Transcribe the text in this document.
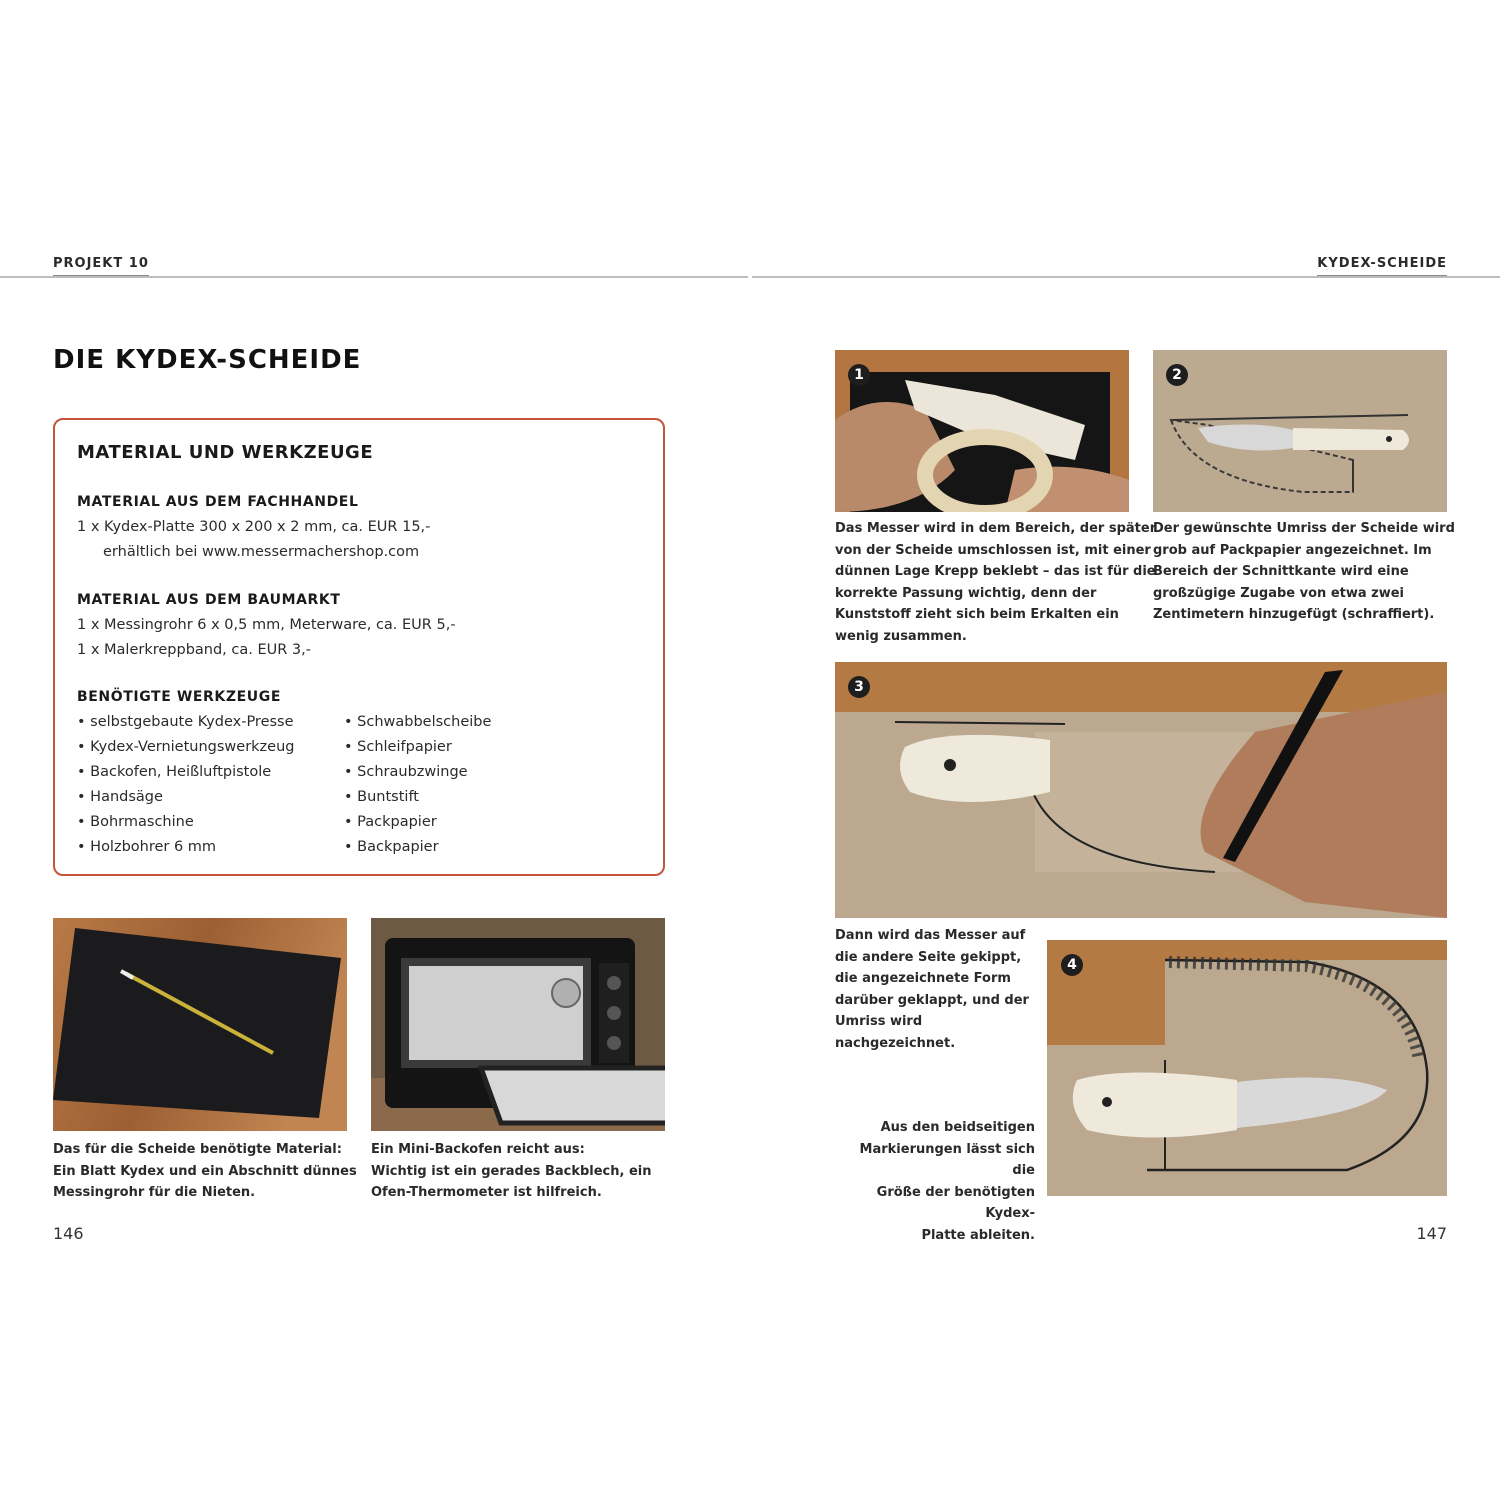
PROJEKT 10	KYDEX-SCHEIDE
DIE KYDEX-SCHEIDE
MATERIAL UND WERKZEUGE
MATERIAL AUS DEM FACHHANDEL
1 x Kydex-Platte 300 x 200 x 2 mm, ca. EUR 15,-
erhältlich bei www.messermachershop.com
MATERIAL AUS DEM BAUMARKT
1 x Messingrohr 6 x 0,5 mm, Meterware, ca. EUR 5,-
1 x Malerkreppband, ca. EUR 3,-
BENÖTIGTE WERKZEUGE
• selbstgebaute Kydex-Presse
• Kydex-Vernietungswerkzeug
• Backofen, Heißluftpistole
• Handsäge
• Bohrmaschine
• Holzbohrer 6 mm
• Schwabbelscheibe
• Schleifpapier
• Schraubzwinge
• Buntstift
• Packpapier
• Backpapier
Das für die Scheide benötigte Material:
Ein Blatt Kydex und ein Abschnitt dünnes
Messingrohr für die Nieten.
Ein Mini-Backofen reicht aus:
Wichtig ist ein gerades Backblech, ein
Ofen-Thermometer ist hilfreich.
146	147
1	2
Das Messer wird in dem Bereich, der später
von der Scheide umschlossen ist, mit einer
dünnen Lage Krepp beklebt – das ist für die
korrekte Passung wichtig, denn der
Kunststoff zieht sich beim Erkalten ein
wenig zusammen.
Der gewünschte Umriss der Scheide wird
grob auf Packpapier angezeichnet. Im
Bereich der Schnittkante wird eine
großzügige Zugabe von etwa zwei
Zentimetern hinzugefügt (schraffiert).
3
Dann wird das Messer auf
die andere Seite gekippt,
die angezeichnete Form
darüber geklappt, und der
Umriss wird
nachgezeichnet.
4
Aus den beidseitigen
Markierungen lässt sich die
Größe der benötigten Kydex-
Platte ableiten.
